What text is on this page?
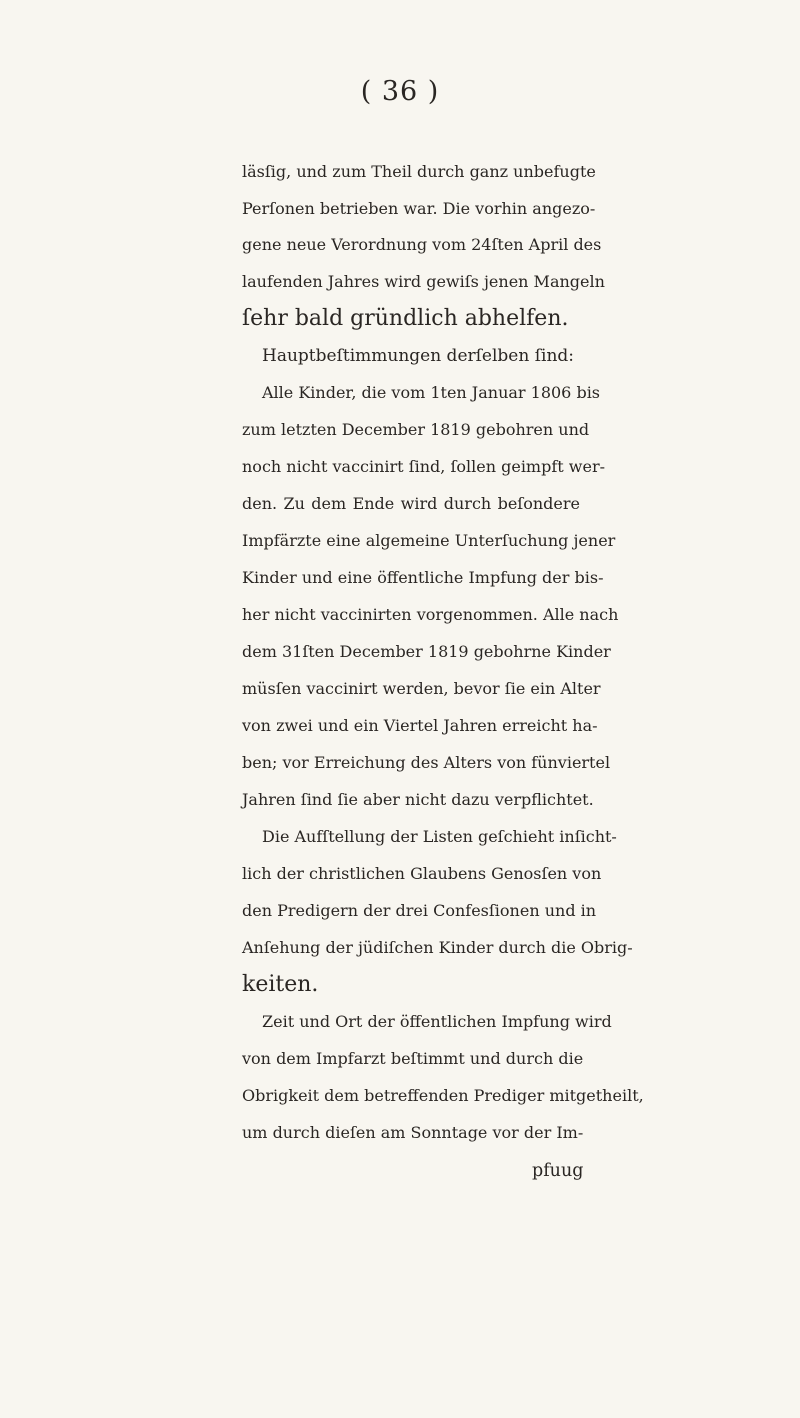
( 36 )
läsſig, und zum Theil durch ganz unbefugte
Perſonen betrieben war. Die vorhin angezo-
gene neue Verordnung vom 24ſten April des
laufenden Jahres wird gewiſs jenen Mangeln
ſehr bald gründlich abhelfen.
Hauptbeſtimmungen derſelben ſind:
Alle Kinder, die vom 1ten Januar 1806 bis
zum letzten December 1819 gebohren und
noch nicht vaccinirt ſind, ſollen geimpft wer-
den. Zu dem Ende wird durch beſondere
Impfärzte eine algemeine Unterſuchung jener
Kinder und eine öffentliche Impfung der bis-
her nicht vaccinirten vorgenommen. Alle nach
dem 31ſten December 1819 gebohrne Kinder
müsſen vaccinirt werden, bevor ſie ein Alter
von zwei und ein Viertel Jahren erreicht ha-
ben; vor Erreichung des Alters von fünviertel
Jahren ſind ſie aber nicht dazu verpflichtet.
Die Aufſtellung der Listen geſchieht inſicht-
lich der christlichen Glaubens Genosſen von
den Predigern der drei Confesſionen und in
Anſehung der jüdiſchen Kinder durch die Obrig-
keiten.
Zeit und Ort der öffentlichen Impfung wird
von dem Impfarzt beſtimmt und durch die
Obrigkeit dem betreffenden Prediger mitgetheilt,
um durch dieſen am Sonntage vor der Im-
pfuug
